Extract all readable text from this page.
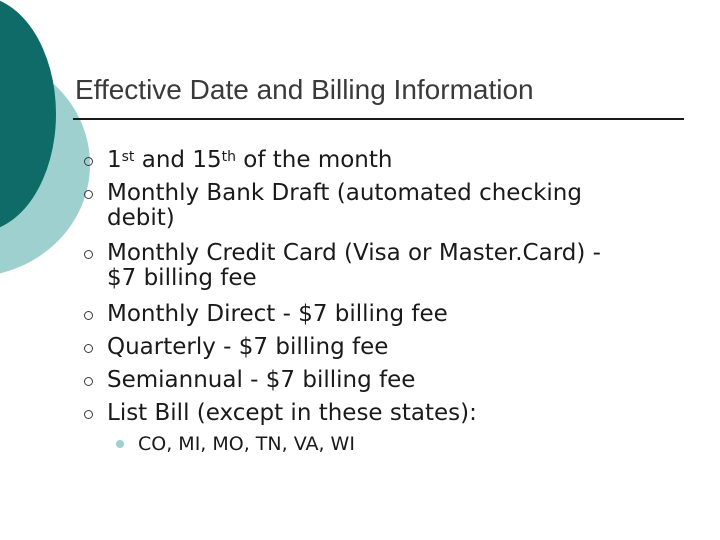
Effective Date and Billing Information
1st and 15th of the month
Monthly Bank Draft (automated checking
debit)
Monthly Credit Card (Visa or Master.Card) -
$7 billing fee
Monthly Direct - $7 billing fee
Quarterly - $7 billing fee
Semiannual - $7 billing fee
List Bill (except in these states):
CO, MI, MO, TN, VA, WI
